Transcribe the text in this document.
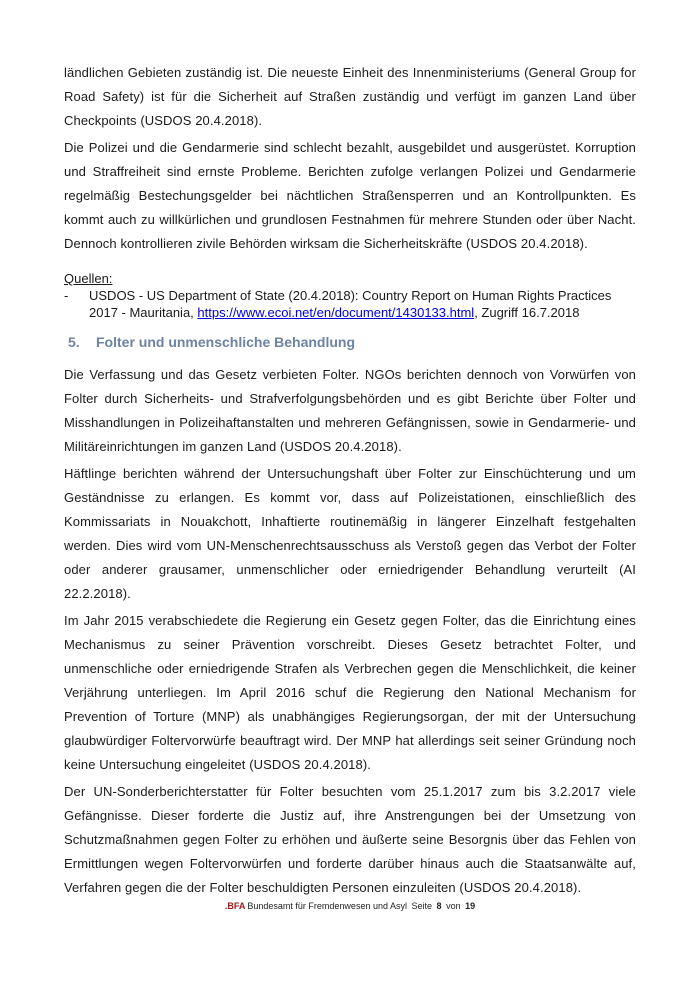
ländlichen Gebieten zuständig ist. Die neueste Einheit des Innenministeriums (General Group for Road Safety) ist für die Sicherheit auf Straßen zuständig und verfügt im ganzen Land über Checkpoints (USDOS 20.4.2018).

Die Polizei und die Gendarmerie sind schlecht bezahlt, ausgebildet und ausgerüstet. Korruption und Straffreiheit sind ernste Probleme. Berichten zufolge verlangen Polizei und Gendarmerie regelmäßig Bestechungsgelder bei nächtlichen Straßensperren und an Kontrollpunkten. Es kommt auch zu willkürlichen und grundlosen Festnahmen für mehrere Stunden oder über Nacht. Dennoch kontrollieren zivile Behörden wirksam die Sicherheitskräfte (USDOS 20.4.2018).

Quellen:
-	USDOS - US Department of State (20.4.2018): Country Report on Human Rights Practices 2017 - Mauritania, https://www.ecoi.net/en/document/1430133.html, Zugriff 16.7.2018
5. Folter und unmenschliche Behandlung

Die Verfassung und das Gesetz verbieten Folter. NGOs berichten dennoch von Vorwürfen von Folter durch Sicherheits- und Strafverfolgungsbehörden und es gibt Berichte über Folter und Misshandlungen in Polizeihaftanstalten und mehreren Gefängnissen, sowie in Gendarmerie- und Militäreinrichtungen im ganzen Land (USDOS 20.4.2018).

Häftlinge berichten während der Untersuchungshaft über Folter zur Einschüchterung und um Geständnisse zu erlangen. Es kommt vor, dass auf Polizeistationen, einschließlich des Kommissariats in Nouakchott, Inhaftierte routinemäßig in längerer Einzelhaft festgehalten werden. Dies wird vom UN-Menschenrechtsausschuss als Verstoß gegen das Verbot der Folter oder anderer grausamer, unmenschlicher oder erniedrigender Behandlung verurteilt (AI 22.2.2018).

Im Jahr 2015 verabschiedete die Regierung ein Gesetz gegen Folter, das die Einrichtung eines Mechanismus zu seiner Prävention vorschreibt. Dieses Gesetz betrachtet Folter, und unmenschliche oder erniedrigende Strafen als Verbrechen gegen die Menschlichkeit, die keiner Verjährung unterliegen. Im April 2016 schuf die Regierung den National Mechanism for Prevention of Torture (MNP) als unabhängiges Regierungsorgan, der mit der Untersuchung glaubwürdiger Foltervorwürfe beauftragt wird. Der MNP hat allerdings seit seiner Gründung noch keine Untersuchung eingeleitet (USDOS 20.4.2018).

Der UN-Sonderberichterstatter für Folter besuchten vom 25.1.2017 zum bis 3.2.2017 viele Gefängnisse. Dieser forderte die Justiz auf, ihre Anstrengungen bei der Umsetzung von Schutzmaßnahmen gegen Folter zu erhöhen und äußerte seine Besorgnis über das Fehlen von Ermittlungen wegen Foltervorwürfen und forderte darüber hinaus auch die Staatsanwälte auf, Verfahren gegen die der Folter beschuldigten Personen einzuleiten (USDOS 20.4.2018).

.BFA Bundesamt für Fremdenwesen und Asyl Seite 8 von 19
